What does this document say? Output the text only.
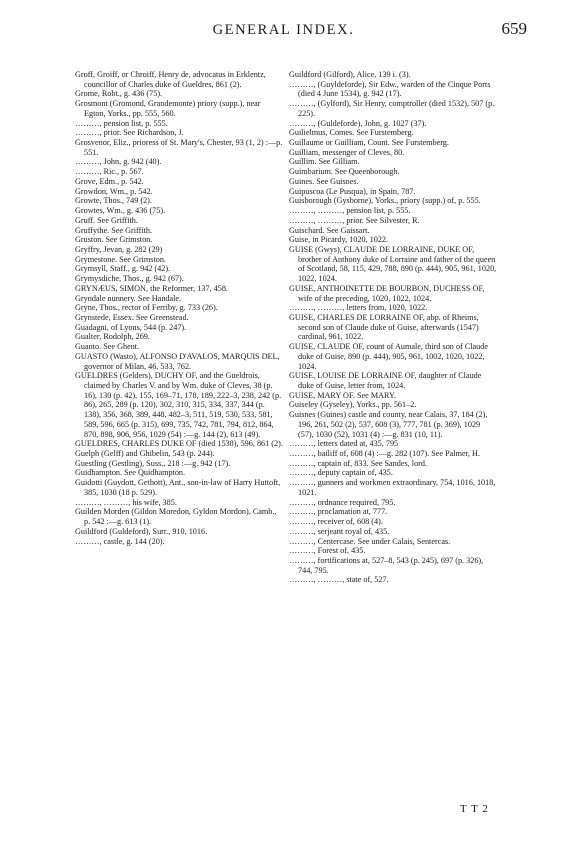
GENERAL INDEX.	659
Groff, Groiff, or Chroiff, Henry de, advocatus in Erklentz, councillor of Charles duke of Gueldres, 861 (2).
Grome, Robt., g. 436 (75).
Grosmont (Gromond, Grandemonte) priory (supp.), near Egton, Yorks., pp. 555, 560.
………, pension list, p. 555.
………, prior. See Richardson, J.
Grosvenor, Eliz., prioress of St. Mary's, Chester, 93 (1, 2) :—p. 551.
………, John, g. 942 (40).
………, Ric., p. 567.
Grove, Edm., p. 542.
Growdon, Wm., p. 542.
Growte, Thos., 749 (2).
Growtes, Wm., g. 436 (75).
Gruff. See Griffith.
Gruffythe. See Griffith.
Gruston. See Grimston.
Gryffry, Jevan, g. 282 (29)
Grymestone. See Grimston.
Grymsyll, Staff., g. 942 (42).
Grymysdiche, Thos., g. 942 (67).
GRYNÆUS, SIMON, the Reformer, 137, 458.
Gryndale nunnery. See Handale.
Gryne, Thos., rector of Ferriby, g. 733 (26).
Grynstede, Essex. See Greenstead.
Guadagni, of Lyons, 544 (p. 247).
Gualter, Rodolph, 269.
Guanto. See Ghent.
GUASTO (Wasto), ALFONSO D'AVALOS, MARQUIS DEL, governor of Milan, 46, 533, 762.
GUELDRES (Gelders), DUCHY OF, and the Gueldrois, claimed by Charles V. and by Wm. duke of Cleves, 38 (p. 16), 130 (p. 42), 155, 169–71, 178, 189, 222–3, 238, 242 (p. 86), 265, 289 (p. 120), 302, 310, 315, 334, 337, 344 (p. 138), 356, 368, 389, 448, 482–3, 511, 519, 530, 533, 581, 589, 596, 665 (p. 315), 699, 735, 742, 781, 794, 812, 864, 870, 898, 906, 956, 1029 (54) :—g. 144 (2), 613 (49).
GUELDRES, CHARLES DUKE OF (died 1538), 596, 861 (2).
Guelph (Gelff) and Ghibelin, 543 (p. 244).
Guestling (Gestling), Suss., 218 :—g. 942 (17).
Guidhampton. See Quidhampton.
Guidotti (Guydott, Gethott), Ant., son-in-law of Harry Huttoft, 385, 1030 (18 p. 529).
………, ………, his wife, 385.
Guilden Morden (Gildon Moredon, Gyldon Mordon), Camb., p. 542 :—g. 613 (1).
Guildford (Guldeford), Surr., 910, 1016.
………, castle, g. 144 (20).
Guildford (Gilford), Alice, 139 i. (3).
………, (Guyldeforde), Sir Edw., warden of the Cinque Ports (died 4 June 1534), g. 942 (17).
………, (Gylford), Sir Henry, comptroller (died 1532), 507 (p. 225).
………, (Guldeforde), John, g. 1027 (37).
Guilielmus, Comes. See Furstemberg.
Guillaume or Guilliam, Count. See Furstemberg.
Guilliam, messenger of Cleves, 80.
Guillim. See Gilliam.
Guimbarium. See Queenborough.
Guines. See Guisnes.
Guipuscoa (Le Pusqua), in Spain, 787.
Guisborough (Gysborne), Yorks., priory (supp.) of, p. 555.
………, ………, pension list, p. 555.
………, ………, prior. See Silvester, R.
Guischard. See Gaissart.
Guise, in Picardy, 1020, 1022.
GUISE (Gwys), CLAUDE DE LORRAINE, DUKE OF, brother of Anthony duke of Lorraine and father of the queen of Scotland, 58, 115, 429, 788, 890 (p. 444), 905, 961, 1020, 1022, 1024.
GUISE, ANTHOINETTE DE BOURBON, DUCHESS OF, wife of the preceding, 1020, 1022, 1024.
………, ………, letters from, 1020, 1022.
GUISE, CHARLES DE LORRAINE OF, abp. of Rheims, second son of Claude duke of Guise, afterwards (1547) cardinal, 961, 1022.
GUISE, CLAUDE OF, count of Aumale, third son of Claude duke of Guise, 890 (p. 444), 905, 961, 1002, 1020, 1022, 1024.
GUISE, LOUISE DE LORRAINE OF, daughter of Claude duke of Guise, letter from, 1024.
GUISE, MARY OF. See MARY.
Guiseley (Gyseley), Yorks., pp. 561–2.
Guisnes (Guines) castle and county, near Calais, 37, 184 (2), 196, 261, 502 (2), 537, 608 (3), 777, 781 (p. 369), 1029 (57), 1030 (52), 1031 (4) :—g. 831 (10, 11).
………, letters dated at, 435, 795
………, bailiff of, 608 (4) :—g. 282 (107). See Palmer, H.
………, captain of, 833. See Sandes, lord.
………, deputy captain of, 435.
………, gunners and workmen extraordinary, 754, 1016, 1018, 1021.
………, ordnance required, 795.
………, proclamation at, 777.
………, receiver of, 608 (4).
………, serjeant royal of, 435.
………, Centercase. See under Calais, Sentercas.
………, Forest of, 435.
………, fortifications at, 527–8, 543 (p. 245), 697 (p. 326), 744, 795.
………, ………, state of, 527.
T T 2
